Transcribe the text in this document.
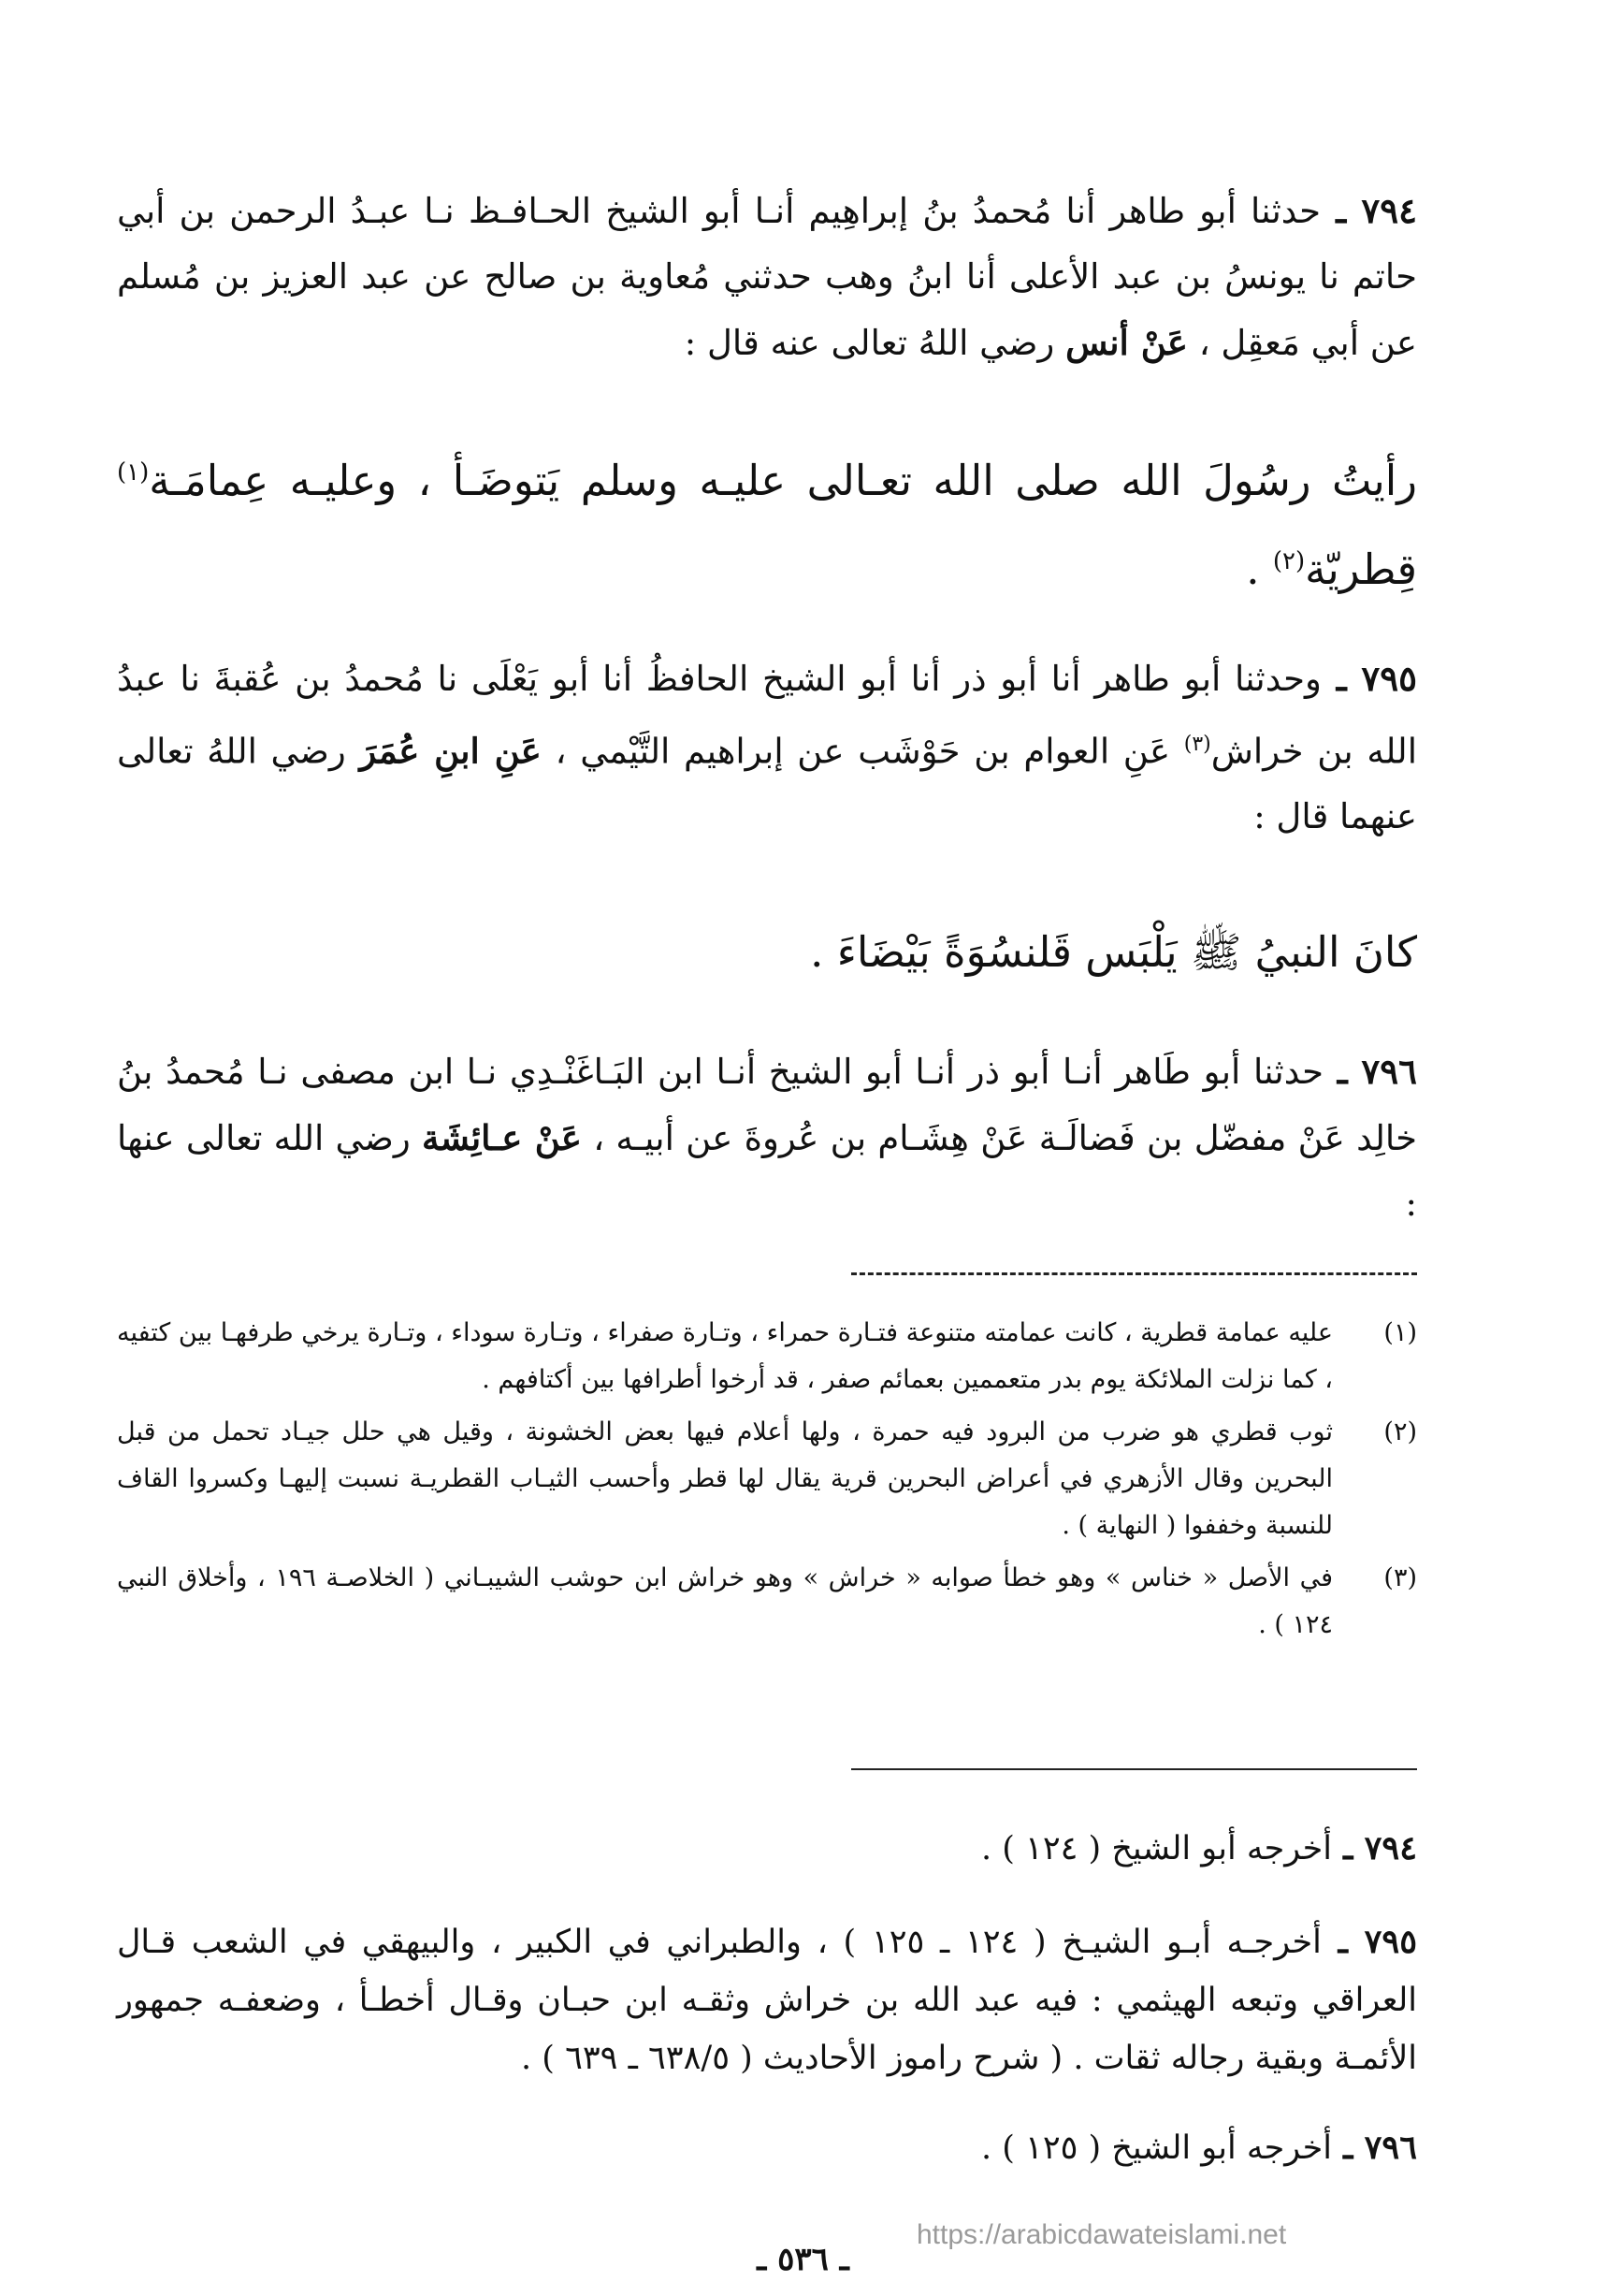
٧٩٤ ـ حدثنا أبو طاهر أنا مُحمدُ بنُ إبراهِيم أنـا أبو الشيخ الحـافـظ نـا عبـدُ الرحمن بن أبي حاتم نا يونسُ بن عبد الأعلى أنا ابنُ وهب حدثني مُعاوية بن صالح عن عبد العزيز بن مُسلم عن أبي مَعقِل ، عَنْ أنس رضي اللهُ تعالى عنه قال :
رأيتُ رسُولَ الله صلى الله تعـالى عليـه وسلم يَتوضَـأ ، وعليـه عِمامَـة$^{(١)}$ قِطريّة$^{(٢)}$ .
٧٩٥ ـ وحدثنا أبو طاهر أنا أبو ذر أنا أبو الشيخ الحافظُ أنا أبو يَعْلَى نا مُحمدُ بن عُقبةَ نا عبدُ الله بن خراش$^{(٣)}$ عَنِ العوام بن حَوْشَب عن إبراهيم التَّيْمي ، عَنِ ابنِ عُمَرَ رضي اللهُ تعالى عنهما قال :
كانَ النبيُ ﷺ يَلْبَس قَلنسُوَةً بَيْضَاءَ .
٧٩٦ ـ حدثنا أبو طَاهر أنـا أبو ذر أنـا أبو الشيخ أنـا ابن البَـاغَنْـدِي نـا ابن مصفى نـا مُحمدُ بنُ خالِد عَنْ مفضّل بن فَضالَـة عَنْ هِشَـام بن عُروةَ عن أبيـه ، عَنْ عـائِشَة رضي الله تعالى عنها :
(١)
عليه عمامة قطرية ، كانت عمامته متنوعة فتـارة حمراء ، وتـارة صفراء ، وتـارة سوداء ، وتـارة يرخي طرفهـا بين كتفيه ، كما نزلت الملائكة يوم بدر متعممين بعمائم صفر ، قد أرخوا أطرافها بين أكتافهم .
(٢)
ثوب قطري هو ضرب من البرود فيه حمرة ، ولها أعلام فيها بعض الخشونة ، وقيل هي حلل جيـاد تحمل من قبل البحرين وقال الأزهري في أعراض البحرين قرية يقال لها قطر وأحسب الثيـاب القطريـة نسبت إليهـا وكسروا القاف للنسبة وخففوا ( النهاية ) .
(٣)
في الأصل « خناس » وهو خطأ صوابه « خراش » وهو خراش ابن حوشب الشيبـاني ( الخلاصـة ١٩٦ ، وأخلاق النبي ١٢٤ ) .
٧٩٤ ـ أخرجه أبو الشيخ ( ١٢٤ ) .
٧٩٥ ـ أخرجـه أبـو الشيـخ ( ١٢٤ ـ ١٢٥ ) ، والطبراني في الكبير ، والبيهقي في الشعب قـال العراقي وتبعه الهيثمي : فيه عبد الله بن خراش وثقـه ابن حبـان وقـال أخطـأ ، وضعفـه جمهور الأئمـة وبقية رجاله ثقات . ( شرح راموز الأحاديث ( ٦٣٨/٥ ـ ٦٣٩ ) .
٧٩٦ ـ أخرجه أبو الشيخ ( ١٢٥ ) .
https://arabicdawateislami.net
ـ ٥٣٦ ـ
